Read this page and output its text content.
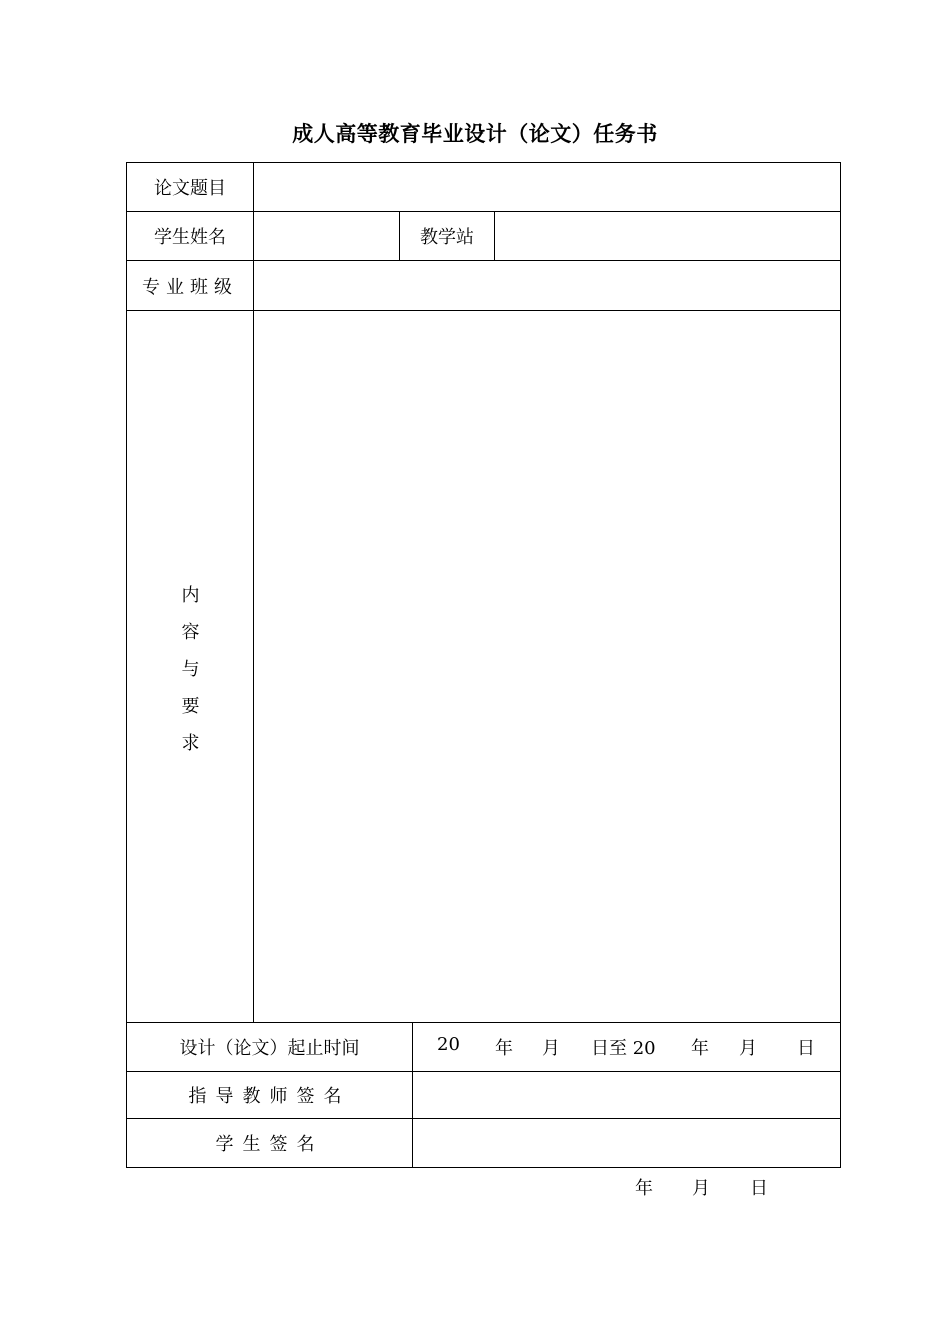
成人高等教育毕业设计（论文）任务书
论文题目
学生姓名	教学站
专业班级
内
容
与
要
求
设计（论文）起止时间	20 年 月 日至 20 年 月 日
指导教师签名
学生签名
年 月 日
